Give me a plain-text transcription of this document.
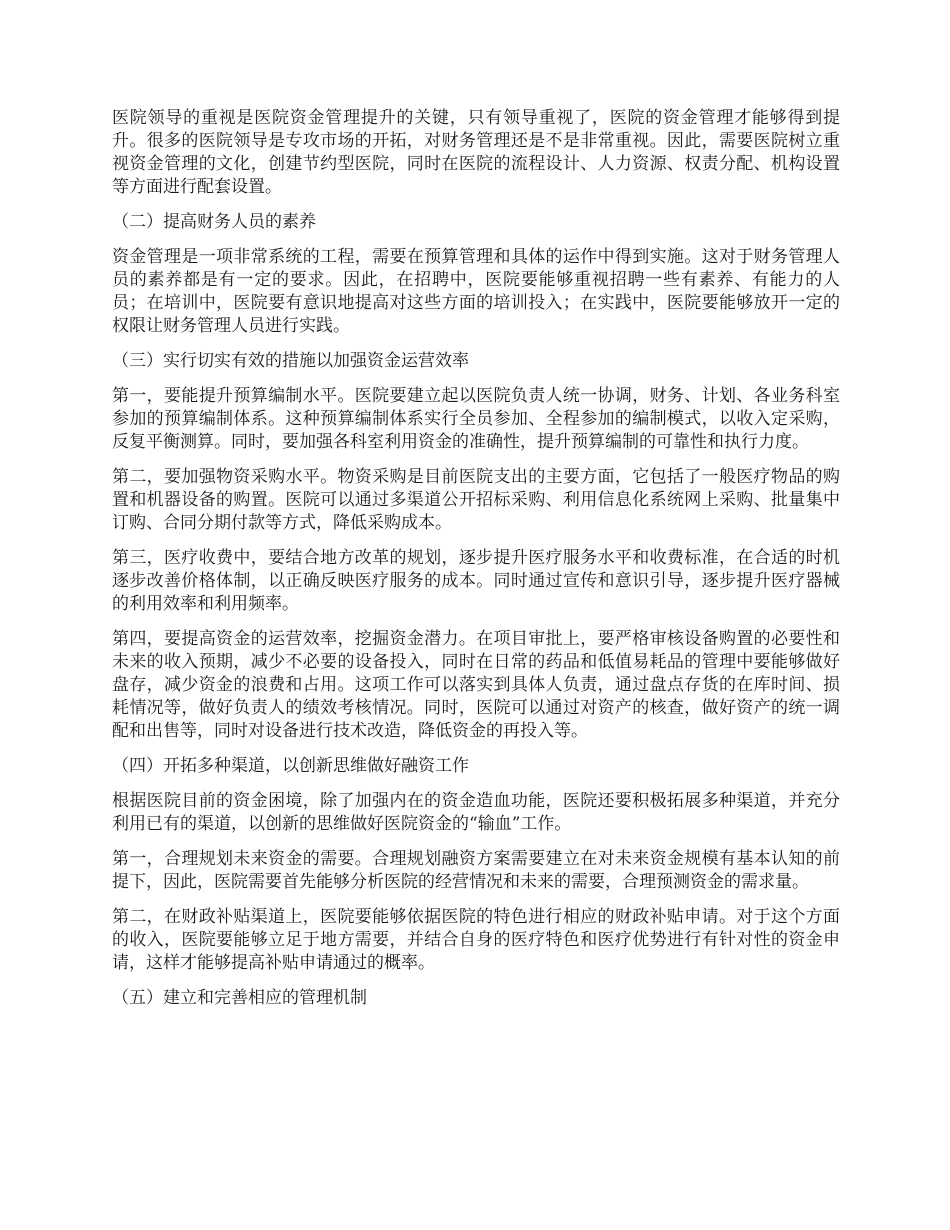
医院领导的重视是医院资金管理提升的关键，只有领导重视了，医院的资金管理才能够得到提升。很多的医院领导是专攻市场的开拓，对财务管理还是不是非常重视。因此，需要医院树立重视资金管理的文化，创建节约型医院，同时在医院的流程设计、人力资源、权责分配、机构设置等方面进行配套设置。

（二）提高财务人员的素养

资金管理是一项非常系统的工程，需要在预算管理和具体的运作中得到实施。这对于财务管理人员的素养都是有一定的要求。因此，在招聘中，医院要能够重视招聘一些有素养、有能力的人员；在培训中，医院要有意识地提高对这些方面的培训投入；在实践中，医院要能够放开一定的权限让财务管理人员进行实践。

（三）实行切实有效的措施以加强资金运营效率

第一，要能提升预算编制水平。医院要建立起以医院负责人统一协调，财务、计划、各业务科室参加的预算编制体系。这种预算编制体系实行全员参加、全程参加的编制模式，以收入定采购，反复平衡测算。同时，要加强各科室利用资金的准确性，提升预算编制的可靠性和执行力度。

第二，要加强物资采购水平。物资采购是目前医院支出的主要方面，它包括了一般医疗物品的购置和机器设备的购置。医院可以通过多渠道公开招标采购、利用信息化系统网上采购、批量集中订购、合同分期付款等方式，降低采购成本。

第三，医疗收费中，要结合地方改革的规划，逐步提升医疗服务水平和收费标准，在合适的时机逐步改善价格体制，以正确反映医疗服务的成本。同时通过宣传和意识引导，逐步提升医疗器械的利用效率和利用频率。

第四，要提高资金的运营效率，挖掘资金潜力。在项目审批上，要严格审核设备购置的必要性和未来的收入预期，减少不必要的设备投入，同时在日常的药品和低值易耗品的管理中要能够做好盘存，减少资金的浪费和占用。这项工作可以落实到具体人负责，通过盘点存货的在库时间、损耗情况等，做好负责人的绩效考核情况。同时，医院可以通过对资产的核查，做好资产的统一调配和出售等，同时对设备进行技术改造，降低资金的再投入等。

（四）开拓多种渠道，以创新思维做好融资工作

根据医院目前的资金困境，除了加强内在的资金造血功能，医院还要积极拓展多种渠道，并充分利用已有的渠道，以创新的思维做好医院资金的“输血”工作。

第一，合理规划未来资金的需要。合理规划融资方案需要建立在对未来资金规模有基本认知的前提下，因此，医院需要首先能够分析医院的经营情况和未来的需要，合理预测资金的需求量。

第二，在财政补贴渠道上，医院要能够依据医院的特色进行相应的财政补贴申请。对于这个方面的收入，医院要能够立足于地方需要，并结合自身的医疗特色和医疗优势进行有针对性的资金申请，这样才能够提高补贴申请通过的概率。

（五）建立和完善相应的管理机制
